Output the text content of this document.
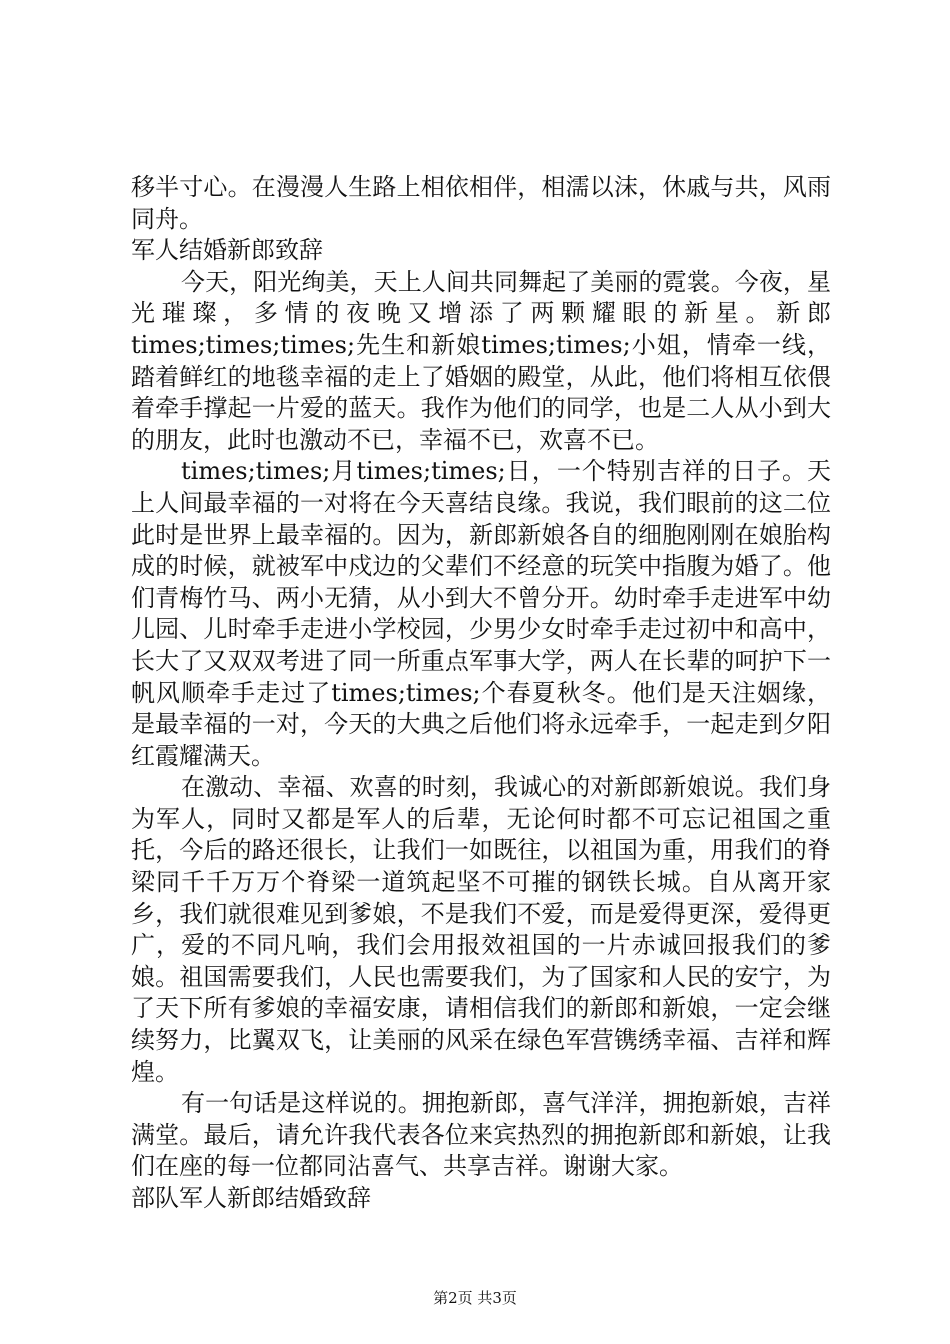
移半寸心。在漫漫人生路上相依相伴，相濡以沫，休戚与共，风雨同舟。

军人结婚新郎致辞

今天，阳光绚美，天上人间共同舞起了美丽的霓裳。今夜，星光璀璨，多情的夜晚又增添了两颗耀眼的新星。新郎times;times;times;先生和新娘times;times;小姐，情牵一线，踏着鲜红的地毯幸福的走上了婚姻的殿堂，从此，他们将相互依偎着牵手撑起一片爱的蓝天。我作为他们的同学，也是二人从小到大的朋友，此时也激动不已，幸福不已，欢喜不已。

times;times;月times;times;日，一个特别吉祥的日子。天上人间最幸福的一对将在今天喜结良缘。我说，我们眼前的这二位此时是世界上最幸福的。因为，新郎新娘各自的细胞刚刚在娘胎构成的时候，就被军中戍边的父辈们不经意的玩笑中指腹为婚了。他们青梅竹马、两小无猜，从小到大不曾分开。幼时牵手走进军中幼儿园、儿时牵手走进小学校园，少男少女时牵手走过初中和高中，长大了又双双考进了同一所重点军事大学，两人在长辈的呵护下一帆风顺牵手走过了times;times;个春夏秋冬。他们是天注姻缘，是最幸福的一对，今天的大典之后他们将永远牵手，一起走到夕阳红霞耀满天。

在激动、幸福、欢喜的时刻，我诚心的对新郎新娘说。我们身为军人，同时又都是军人的后辈，无论何时都不可忘记祖国之重托，今后的路还很长，让我们一如既往，以祖国为重，用我们的脊梁同千千万万个脊梁一道筑起坚不可摧的钢铁长城。自从离开家乡，我们就很难见到爹娘，不是我们不爱，而是爱得更深，爱得更广，爱的不同凡响，我们会用报效祖国的一片赤诚回报我们的爹娘。祖国需要我们，人民也需要我们，为了国家和人民的安宁，为了天下所有爹娘的幸福安康，请相信我们的新郎和新娘，一定会继续努力，比翼双飞，让美丽的风采在绿色军营镌绣幸福、吉祥和辉煌。

有一句话是这样说的。拥抱新郎，喜气洋洋，拥抱新娘，吉祥满堂。最后，请允许我代表各位来宾热烈的拥抱新郎和新娘，让我们在座的每一位都同沾喜气、共享吉祥。谢谢大家。

部队军人新郎结婚致辞

第2页 共3页
